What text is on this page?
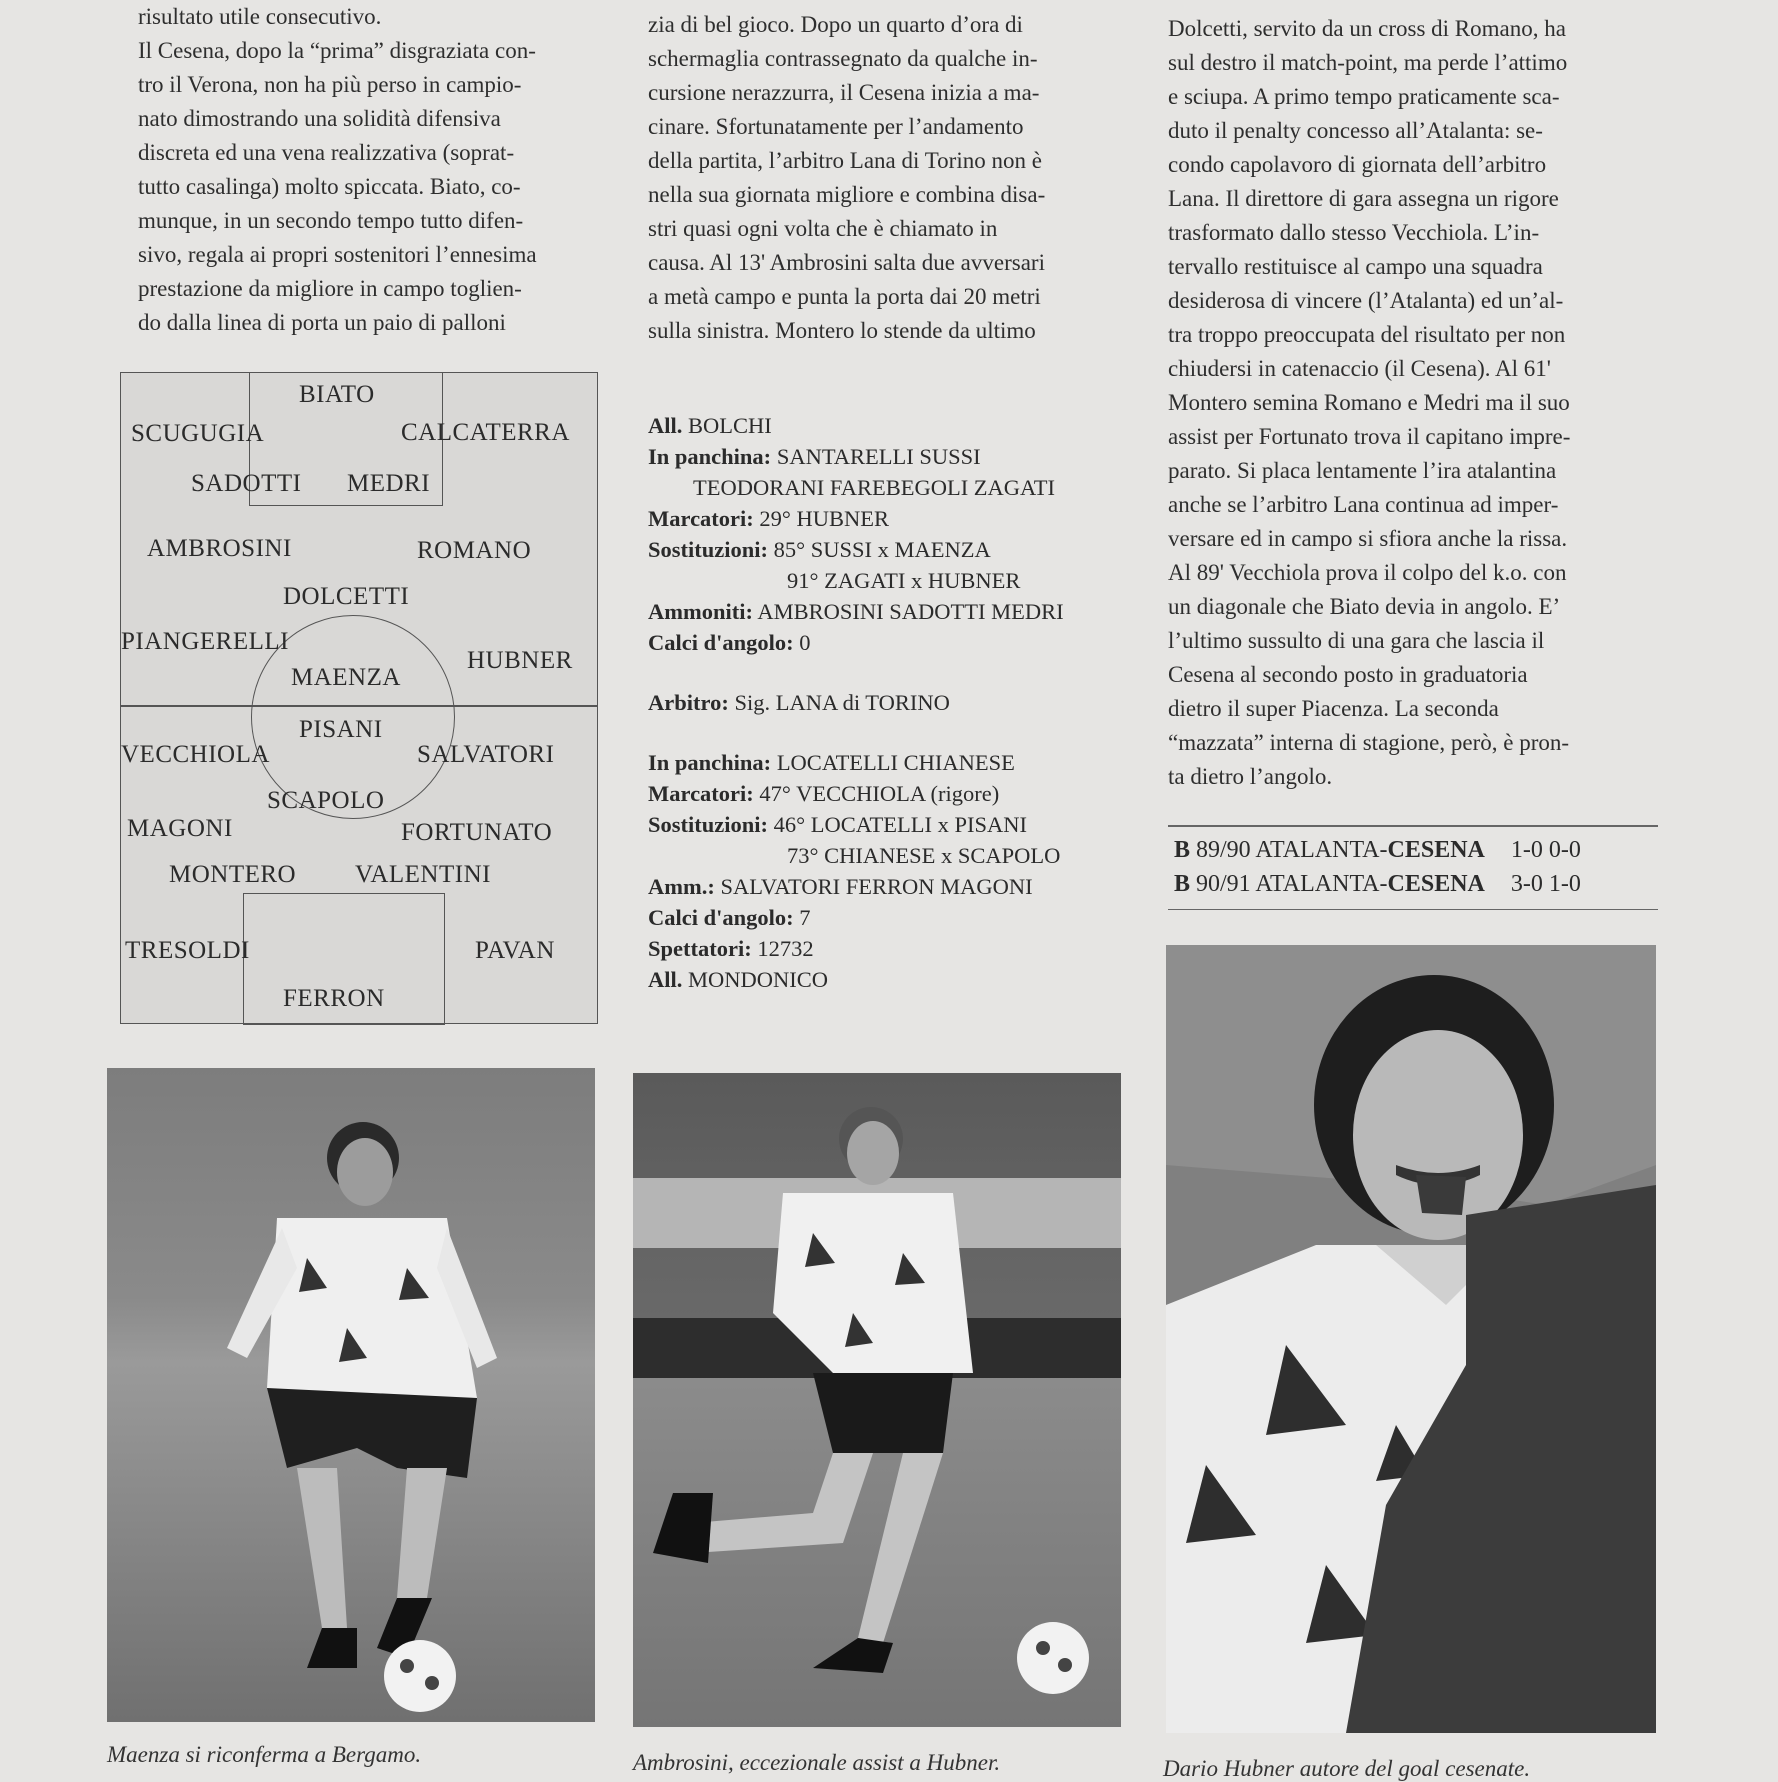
risultato utile consecutivo.

Il Cesena, dopo la “prima” disgraziata con-

tro il Verona, non ha più perso in campio-

nato dimostrando una solidità difensiva

discreta ed una vena realizzativa (soprat-

tutto casalinga) molto spiccata. Biato, co-

munque, in un secondo tempo tutto difen-

sivo, regala ai propri sostenitori l’ennesima

prestazione da migliore in campo toglien-

do dalla linea di porta un paio di palloni

zia di bel gioco. Dopo un quarto d’ora di

schermaglia contrassegnato da qualche in-

cursione nerazzurra, il Cesena inizia a ma-

cinare. Sfortunatamente per l’andamento

della partita, l’arbitro Lana di Torino non è

nella sua giornata migliore e combina disa-

stri quasi ogni volta che è chiamato in

causa. Al 13' Ambrosini salta due avversari

a metà campo e punta la porta dai 20 metri

sulla sinistra. Montero lo stende da ultimo

Dolcetti, servito da un cross di Romano, ha

sul destro il match-point, ma perde l’attimo

e sciupa. A primo tempo praticamente sca-

duto il penalty concesso all’Atalanta: se-

condo capolavoro di giornata dell’arbitro

Lana. Il direttore di gara assegna un rigore

trasformato dallo stesso Vecchiola. L’in-

tervallo restituisce al campo una squadra

desiderosa di vincere (l’Atalanta) ed un’al-

tra troppo preoccupata del risultato per non

chiudersi in catenaccio (il Cesena). Al 61'

Montero semina Romano e Medri ma il suo

assist per Fortunato trova il capitano impre-

parato. Si placa lentamente l’ira atalantina

anche se l’arbitro Lana continua ad imper-

versare ed in campo si sfiora anche la rissa.

Al 89' Vecchiola prova il colpo del k.o. con

un diagonale che Biato devia in angolo. E’

l’ultimo sussulto di una gara che lascia il

Cesena al secondo posto in graduatoria

dietro il super Piacenza. La seconda

“mazzata” interna di stagione, però, è pron-

ta dietro l’angolo.

BIATO
SCUGUGIA	CALCATERRA
SADOTTI MEDRI
AMBROSINI	ROMANO
DOLCETTI
PIANGERELLI
HUBNER
MAENZA
PISANI
VECCHIOLA	SALVATORI
SCAPOLO
MAGONI	FORTUNATO
MONTERO VALENTINI
TRESOLDI	PAVAN
FERRON
All. BOLCHI
In panchina: SANTARELLI SUSSI
TEODORANI FAREBEGOLI ZAGATI
Marcatori: 29° HUBNER
Sostituzioni: 85° SUSSI x MAENZA
91° ZAGATI x HUBNER
Ammoniti: AMBROSINI SADOTTI MEDRI
Calci d'angolo: 0
Arbitro: Sig. LANA di TORINO
In panchina: LOCATELLI CHIANESE
Marcatori: 47° VECCHIOLA (rigore)
Sostituzioni: 46° LOCATELLI x PISANI
73° CHIANESE x SCAPOLO
Amm.: SALVATORI FERRON MAGONI
Calci d'angolo: 7
Spettatori: 12732
All. MONDONICO
B 89/90 ATALANTA-CESENA 1-0 0-0
B 90/91 ATALANTA-CESENA 3-0 1-0
Maenza si riconferma a Bergamo.	Ambrosini, eccezionale assist a Hubner.	Dario Hubner autore del goal cesenate.
